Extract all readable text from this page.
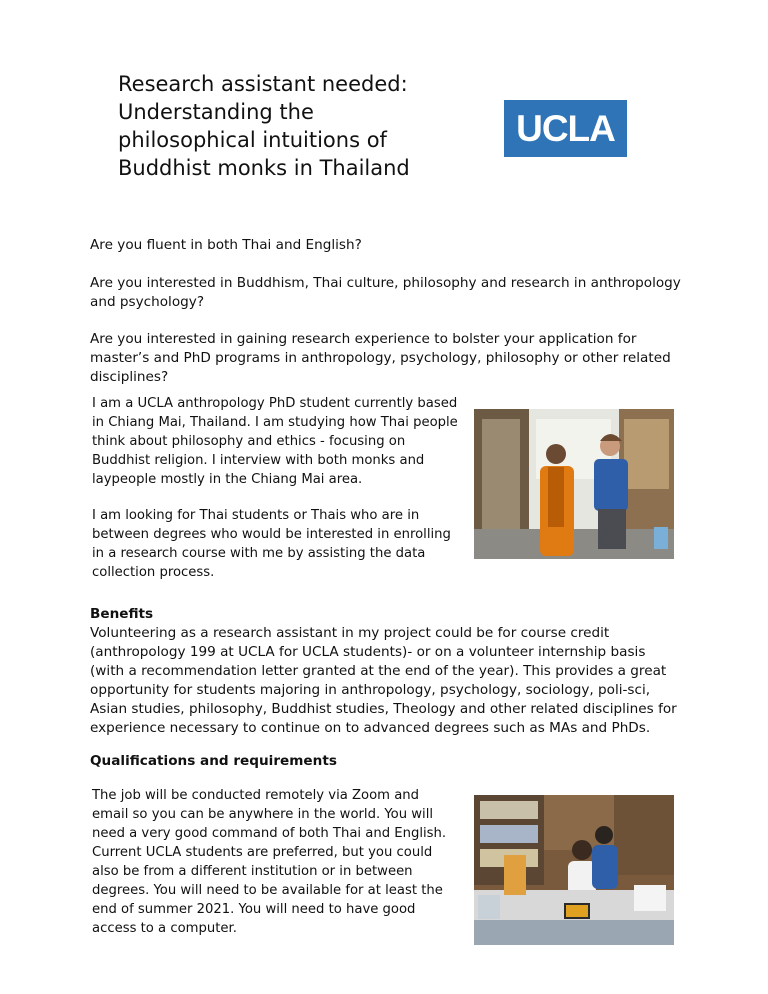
Research assistant needed: Understanding the philosophical intuitions of Buddhist monks in Thailand
UCLA

Are you fluent in both Thai and English?

Are you interested in Buddhism, Thai culture, philosophy and research in anthropology and psychology?

Are you interested in gaining research experience to bolster your application for master’s and PhD programs in anthropology, psychology, philosophy or other related disciplines?

I am a UCLA anthropology PhD student currently based in Chiang Mai, Thailand. I am studying how Thai people think about philosophy and ethics - focusing on Buddhist religion. I interview with both monks and laypeople mostly in the Chiang Mai area.

I am looking for Thai students or Thais who are in between degrees who would be interested in enrolling in a research course with me by assisting the data collection process.

Benefits

Volunteering as a research assistant in my project could be for course credit (anthropology 199 at UCLA for UCLA students)- or on a volunteer internship basis (with a recommendation letter granted at the end of the year). This provides a great opportunity for students majoring in anthropology, psychology, sociology, poli-sci, Asian studies, philosophy, Buddhist studies, Theology and other related disciplines for experience necessary to continue on to advanced degrees such as MAs and PhDs.

Qualifications and requirements

The job will be conducted remotely via Zoom and email so you can be anywhere in the world. You will need a very good command of both Thai and English. Current UCLA students are preferred, but you could also be from a different institution or in between degrees. You will need to be available for at least the end of summer 2021. You will need to have good access to a computer.
